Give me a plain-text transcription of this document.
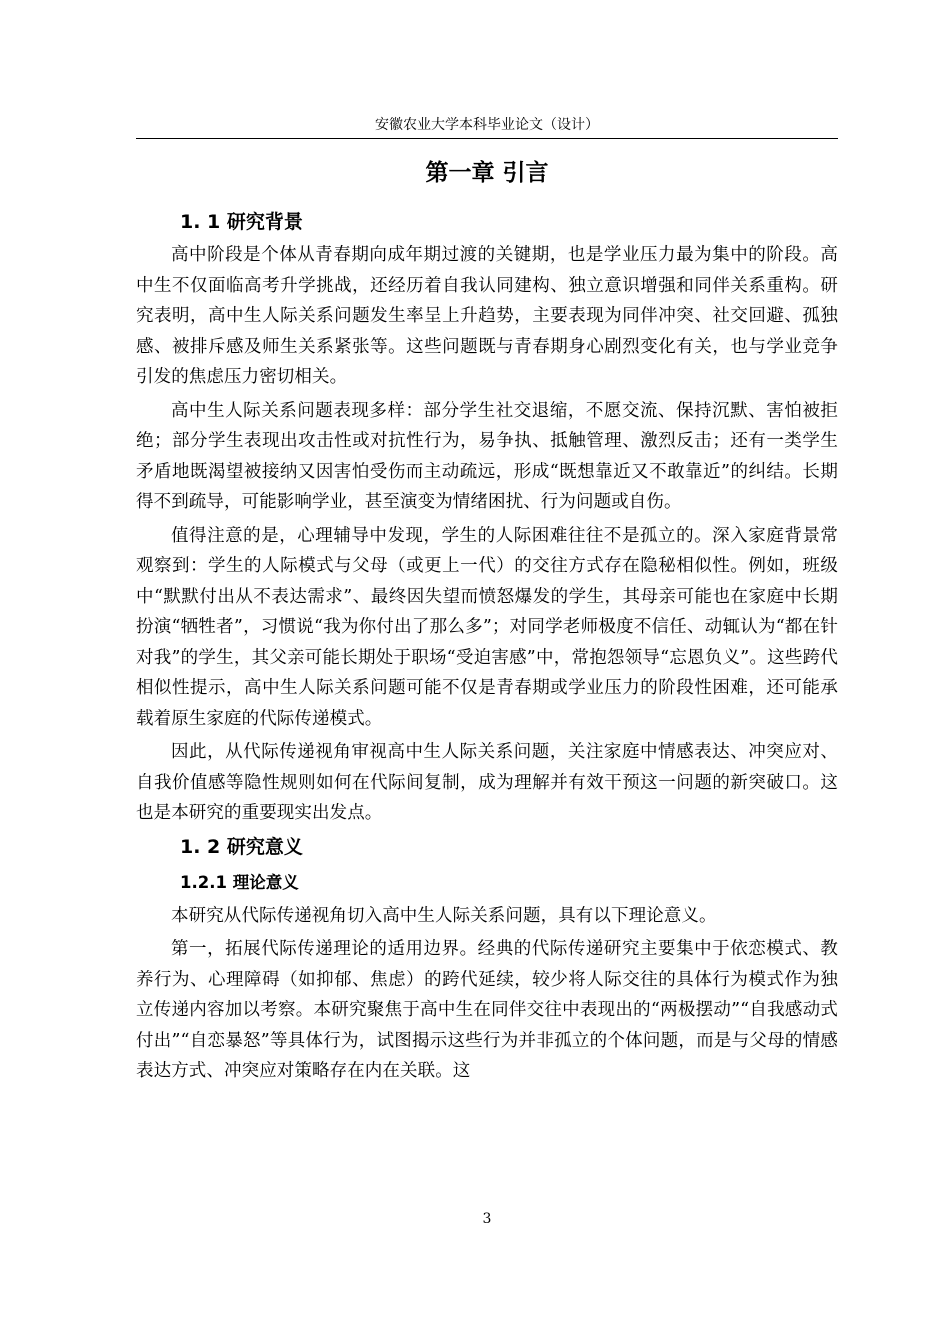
安徽农业大学本科毕业论文（设计）
第一章 引言
1. 1 研究背景

高中阶段是个体从青春期向成年期过渡的关键期，也是学业压力最为集中的阶段。高中生不仅面临高考升学挑战，还经历着自我认同建构、独立意识增强和同伴关系重构。研究表明，高中生人际关系问题发生率呈上升趋势，主要表现为同伴冲突、社交回避、孤独感、被排斥感及师生关系紧张等。这些问题既与青春期身心剧烈变化有关，也与学业竞争引发的焦虑压力密切相关。

高中生人际关系问题表现多样：部分学生社交退缩，不愿交流、保持沉默、害怕被拒绝；部分学生表现出攻击性或对抗性行为，易争执、抵触管理、激烈反击；还有一类学生矛盾地既渴望被接纳又因害怕受伤而主动疏远，形成“既想靠近又不敢靠近”的纠结。长期得不到疏导，可能影响学业，甚至演变为情绪困扰、行为问题或自伤。

值得注意的是，心理辅导中发现，学生的人际困难往往不是孤立的。深入家庭背景常观察到：学生的人际模式与父母（或更上一代）的交往方式存在隐秘相似性。例如，班级中“默默付出从不表达需求”、最终因失望而愤怒爆发的学生，其母亲可能也在家庭中长期扮演“牺牲者”，习惯说“我为你付出了那么多”；对同学老师极度不信任、动辄认为“都在针对我”的学生，其父亲可能长期处于职场“受迫害感”中，常抱怨领导“忘恩负义”。这些跨代相似性提示，高中生人际关系问题可能不仅是青春期或学业压力的阶段性困难，还可能承载着原生家庭的代际传递模式。

因此，从代际传递视角审视高中生人际关系问题，关注家庭中情感表达、冲突应对、自我价值感等隐性规则如何在代际间复制，成为理解并有效干预这一问题的新突破口。这也是本研究的重要现实出发点。

1. 2 研究意义
1.2.1 理论意义

本研究从代际传递视角切入高中生人际关系问题，具有以下理论意义。

第一，拓展代际传递理论的适用边界。经典的代际传递研究主要集中于依恋模式、教养行为、心理障碍（如抑郁、焦虑）的跨代延续，较少将人际交往的具体行为模式作为独立传递内容加以考察。本研究聚焦于高中生在同伴交往中表现出的“两极摆动”“自我感动式付出”“自恋暴怒”等具体行为，试图揭示这些行为并非孤立的个体问题，而是与父母的情感表达方式、冲突应对策略存在内在关联。这

3
